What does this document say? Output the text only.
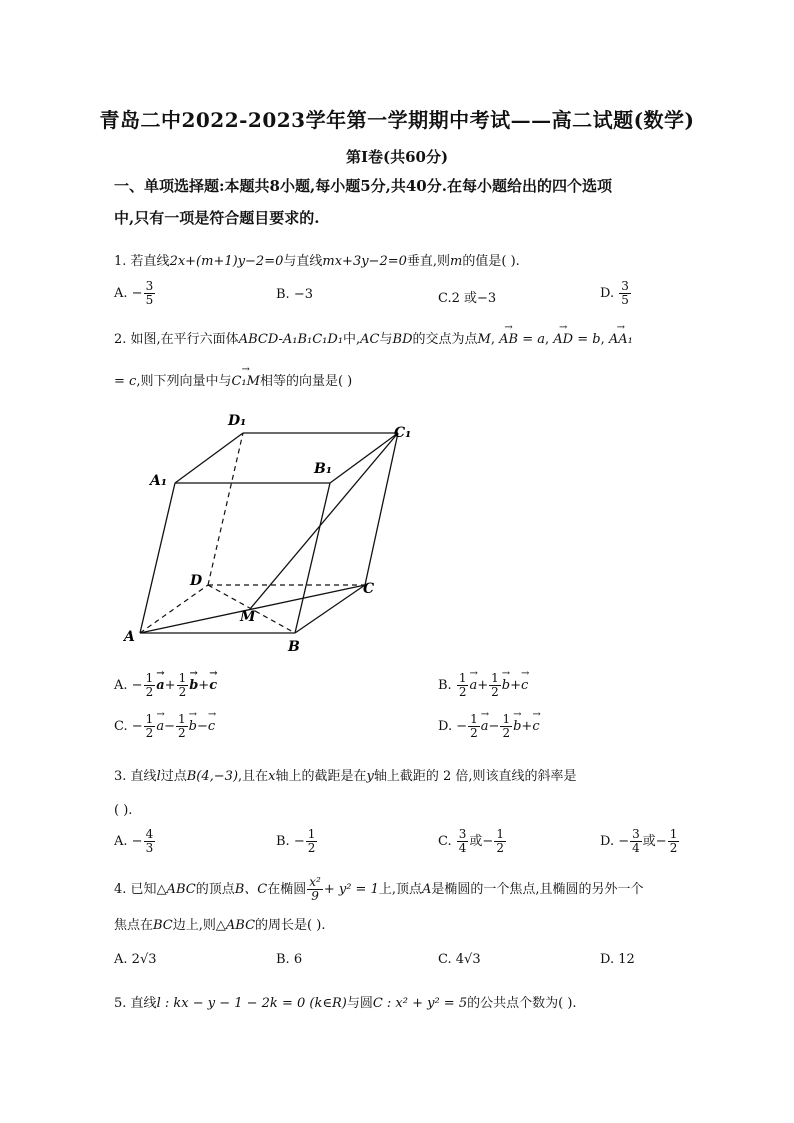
青岛二中2022-2023学年第一学期期中考试——高二试题(数学)
第Ⅰ卷(共60分)
一、单项选择题:本题共8小题,每小题5分,共40分.在每小题给出的四个选项
中,只有一项是符合题目要求的.
1. 若直线2x+(m+1)y−2=0与直线mx+3y−2=0垂直,则m的值是( ).
A. − $\frac{3}{5}$	B. −3	C.2 或−3	D. $\frac{3}{5}$
2. 如图,在平行六面体ABCD-A₁B₁C₁D₁中,AC与BD的交点为点M, → AB = a, → AD = b, → AA₁
= c,则下列向量中与→ C₁M相等的向量是( )
A
B
C
D
A₁
B₁
C₁
D₁
M
A. − $\frac{1}{2}$
→ $a+ \frac{1}{2}$
→ b+→ c	B. $\frac{1}{2}$
→ $a+ \frac{1}{2}$
→ b+→ c
C. − $\frac{1}{2}$
→ $a- \frac{1}{2}$
→ b−→ c	D. − $\frac{1}{2}$
→ $a- \frac{1}{2}$
→ b+→ c
3. 直线l过点B(4,−3),且在x轴上的截距是在y轴上截距的 2 倍,则该直线的斜率是
( ).
A. − $\frac{4}{3}$	B. − $\frac{1}{2}$	C. $\frac{3}{4}$ 或− $\frac{1}{2}$	D. − $\frac{3}{4}$ 或− $\frac{1}{2}$
4. 已知△ABC的顶点B、C在椭圆 $\frac{\text{x²}}{9} + y^2 = 1$上,顶点A是椭圆的一个焦点,且椭圆的另外一个
焦点在BC边上,则△ABC的周长是( ).
A. 2√3	B. 6	C. 4√3	D. 12
5. 直线l : kx − y − 1 − 2k = 0 (k∈R)与圆C : x² + y² = 5的公共点个数为( ).
